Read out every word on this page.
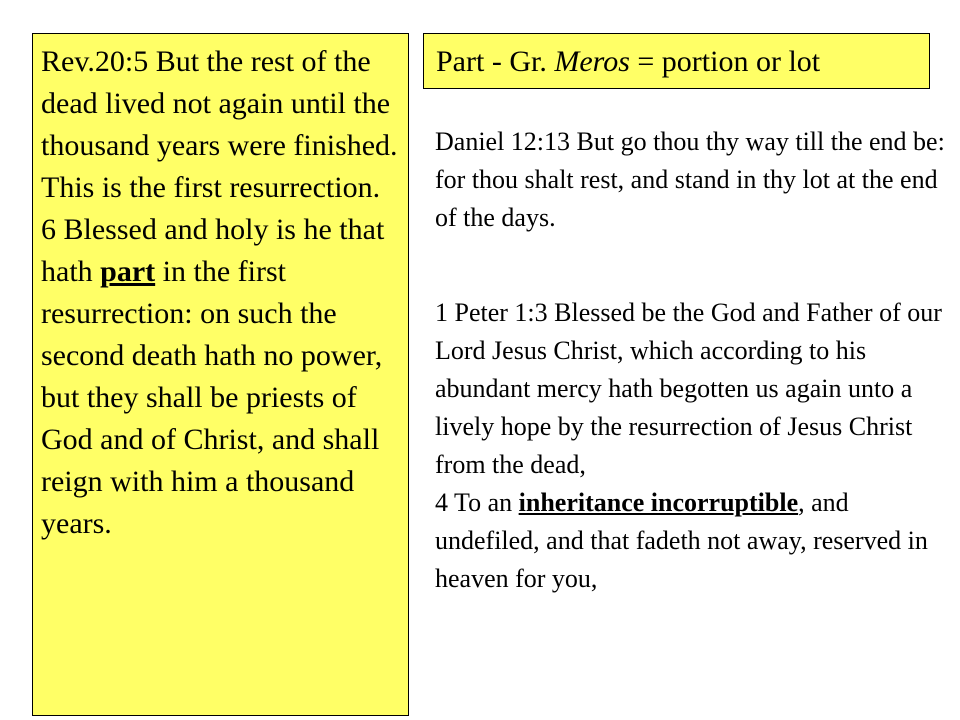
Rev.20:5 But the rest of the dead lived not again until the thousand years were finished. This is the first resurrection.

6 Blessed and holy is he that hath part in the first resurrection: on such the second death hath no power, but they shall be priests of God and of Christ, and shall reign with him a thousand years.

Part - Gr. Meros = portion or lot

Daniel 12:13 But go thou thy way till the end be: for thou shalt rest, and stand in thy lot at the end of the days.

1 Peter 1:3 Blessed be the God and Father of our Lord Jesus Christ, which according to his abundant mercy hath begotten us again unto a lively hope by the resurrection of Jesus Christ from the dead,

4 To an inheritance incorruptible, and undefiled, and that fadeth not away, reserved in heaven for you,
